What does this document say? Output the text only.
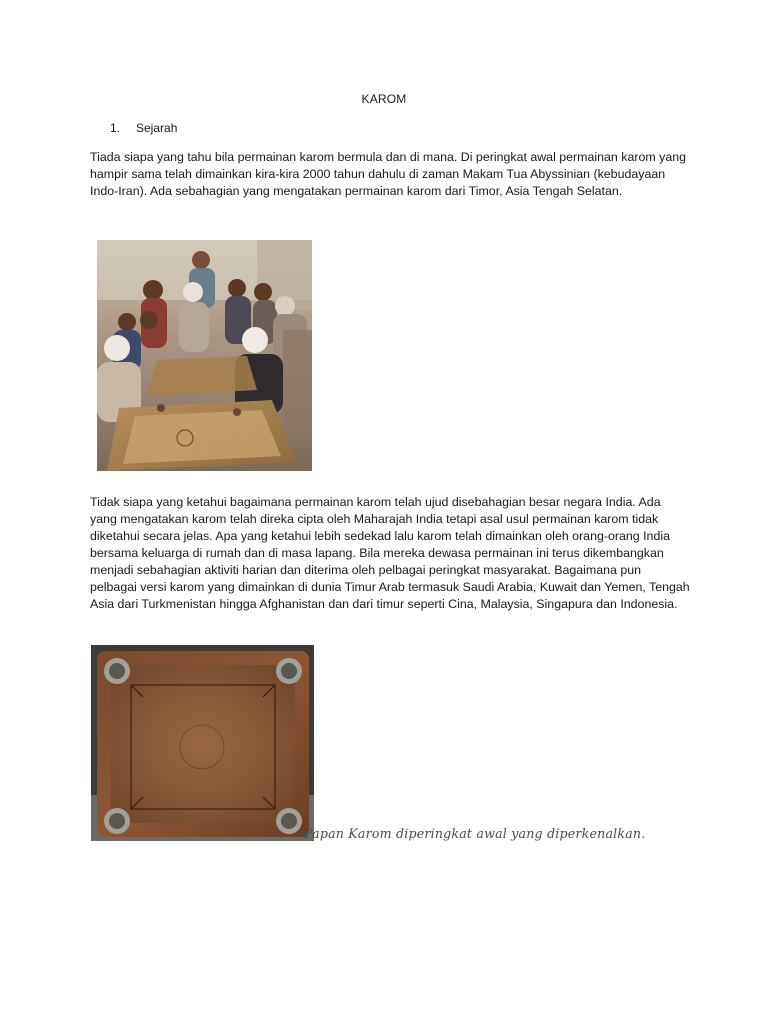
KAROM
1. Sejarah

Tiada siapa yang tahu bila permainan karom bermula dan di mana. Di peringkat awal permainan karom yang hampir sama telah dimainkan kira-kira 2000 tahun dahulu di zaman Makam Tua Abyssinian (kebudayaan Indo-Iran). Ada sebahagian yang mengatakan permainan karom dari Timor, Asia Tengah Selatan.

Tidak siapa yang ketahui bagaimana permainan karom telah ujud disebahagian besar negara India. Ada yang mengatakan karom telah direka cipta oleh Maharajah India tetapi asal usul permainan karom tidak diketahui secara jelas. Apa yang ketahui lebih sedekad lalu karom telah dimainkan oleh orang-orang India bersama keluarga di rumah dan di masa lapang. Bila mereka dewasa permainan ini terus dikembangkan menjadi sebahagian aktiviti harian dan diterima oleh pelbagai peringkat masyarakat. Bagaimana pun pelbagai versi karom yang dimainkan di dunia Timur Arab termasuk Saudi Arabia, Kuwait dan Yemen, Tengah Asia dari Turkmenistan hingga Afghanistan dan dari timur seperti Cina, Malaysia, Singapura dan Indonesia.

Papan Karom diperingkat awal yang diperkenalkan.
